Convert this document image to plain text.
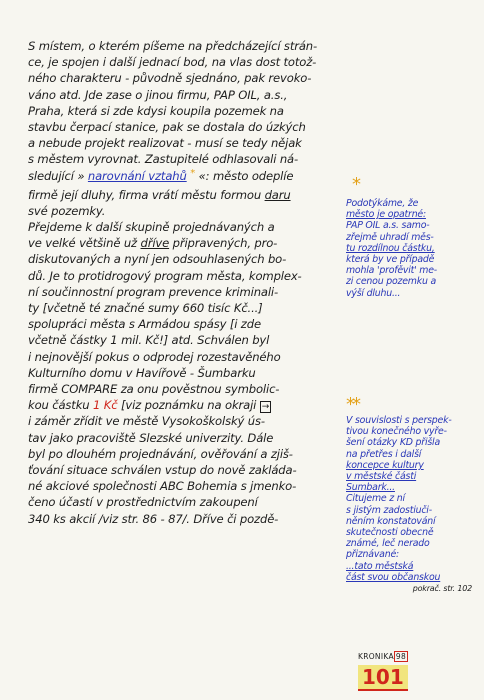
S místem, o kterém píšeme na předcházející strán-
ce, je spojen i další jednací bod, na vlas dost totož-
ného charakteru - původně sjednáno, pak revoko-
váno atd. Jde zase o jinou firmu, PAP OIL, a.s.,
Praha, která si zde kdysi koupila pozemek na
stavbu čerpací stanice, pak se dostala do úzkých
a nebude projekt realizovat - musí se tedy nějak
s městem vyrovnat. Zastupitelé odhlasovali ná-
sledující » narovnání vztahů * «: město odeplíe
firmě její dluhy, firma vrátí městu formou daru
své pozemky.
Přejdeme k další skupině projednávaných a
ve velké většině už dříve připravených, pro-
diskutovaných a nyní jen odsouhlasených bo-
dů. Je to protidrogový program města, komplex-
ní součinnostní program prevence kriminali-
ty [včetně té značné sumy 660 tisíc Kč...]
spolupráci města s Armádou spásy [i zde
včetně částky 1 mil. Kč!] atd. Schválen byl
i nejnovější pokus o odprodej rozestavěného
Kulturního domu v Havířově - Šumbarku
firmě COMPARE za onu pověstnou symbolic-
kou částku 1 Kč [viz poznámku na okraji →
i záměr zřídit ve městě Vysokoškolský ús-
tav jako pracoviště Slezské univerzity. Dále
byl po dlouhém projednávání, ověřování a zjiš-
ťování situace schválen vstup do nově zakláda-
né akciové společnosti ABC Bohemia s jmenko-
čeno účastí v prostřednictvím zakoupení
340 ks akcií /viz str. 86 - 87/. Dříve či pozdě-
*
Podotýkáme, že
město je opatrné:
PAP OIL a.s. samo-
zřejmě uhradí měs-
tu rozdílnou částku,
která by ve případě
mohla 'profěvit' me-
zi cenou pozemku a
výší dluhu...
**
V souvislosti s perspek-
tivou konečného vyře-
šení otázky KD přišla
na přetřes i další
koncepce kultury
v městské části
Šumbark...
Citujeme z ní
s jistým zadostiuči-
něním konstatování
skutečnosti obecně
známé, leč nerado
přiznávané:
...tato městská
část svou občanskou
pokrač. str. 102
KRONIKA 98
101
